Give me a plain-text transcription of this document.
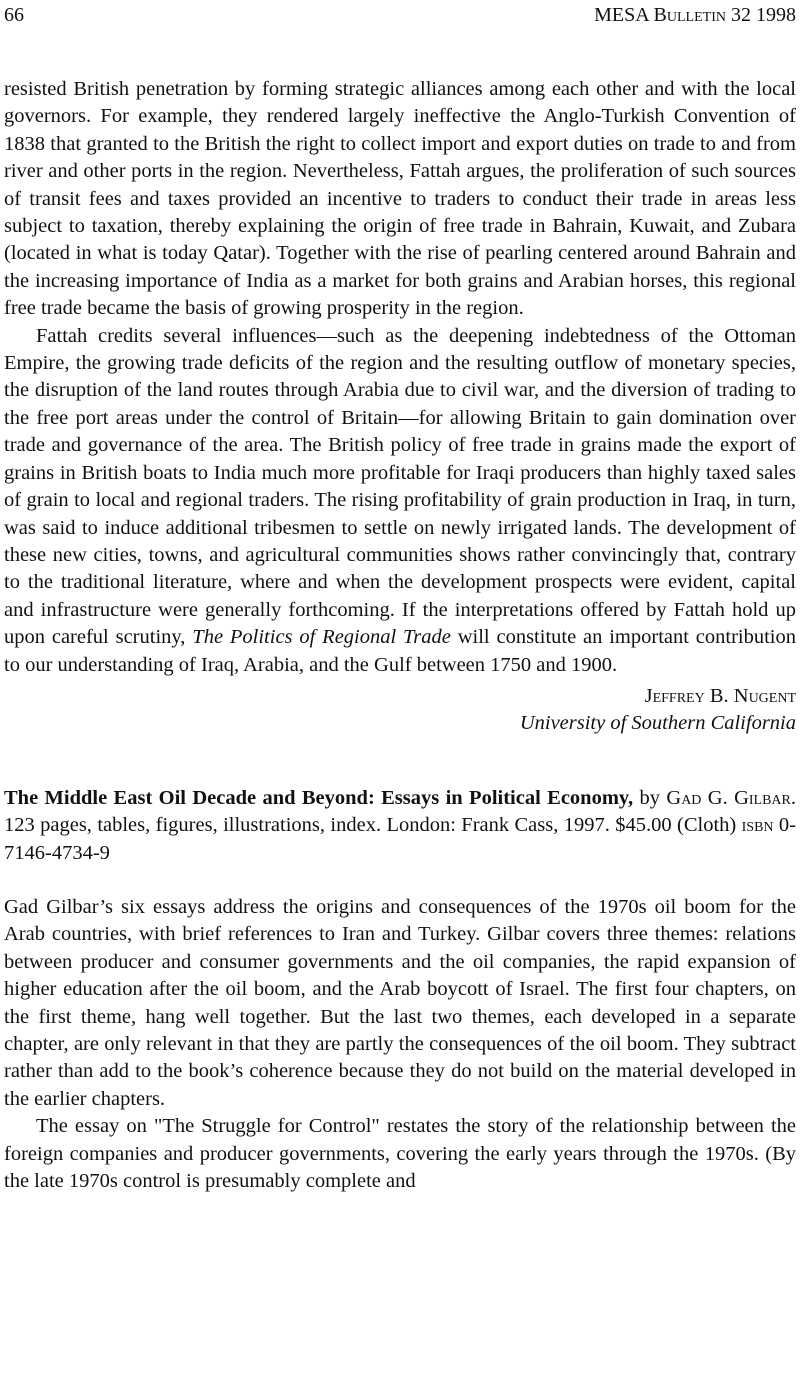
66	MESA Bulletin 32 1998

resisted British penetration by forming strategic alliances among each other and with the local governors. For example, they rendered largely ineffective the Anglo-Turkish Convention of 1838 that granted to the British the right to collect import and export duties on trade to and from river and other ports in the region. Nevertheless, Fattah argues, the proliferation of such sources of transit fees and taxes provided an incentive to traders to conduct their trade in areas less subject to taxation, thereby explaining the origin of free trade in Bahrain, Kuwait, and Zubara (located in what is today Qatar). Together with the rise of pearling centered around Bahrain and the increasing importance of India as a market for both grains and Arabian horses, this regional free trade became the basis of growing prosperity in the region.

Fattah credits several influences—such as the deepening indebtedness of the Ottoman Empire, the growing trade deficits of the region and the resulting outflow of monetary species, the disruption of the land routes through Arabia due to civil war, and the diversion of trading to the free port areas under the control of Britain—for allowing Britain to gain domination over trade and governance of the area. The British policy of free trade in grains made the export of grains in British boats to India much more profitable for Iraqi producers than highly taxed sales of grain to local and regional traders. The rising profitability of grain production in Iraq, in turn, was said to induce additional tribesmen to settle on newly irrigated lands. The development of these new cities, towns, and agricultural communities shows rather convincingly that, contrary to the traditional literature, where and when the development prospects were evident, capital and infrastructure were generally forthcoming. If the interpretations offered by Fattah hold up upon careful scrutiny, The Politics of Regional Trade will constitute an important contribution to our understanding of Iraq, Arabia, and the Gulf between 1750 and 1900.

Jeffrey B. Nugent
University of Southern California

The Middle East Oil Decade and Beyond: Essays in Political Economy, by Gad G. Gilbar. 123 pages, tables, figures, illustrations, index. London: Frank Cass, 1997. $45.00 (Cloth) isbn 0-7146-4734-9

Gad Gilbar’s six essays address the origins and consequences of the 1970s oil boom for the Arab countries, with brief references to Iran and Turkey. Gilbar covers three themes: relations between producer and consumer governments and the oil companies, the rapid expansion of higher education after the oil boom, and the Arab boycott of Israel. The first four chapters, on the first theme, hang well together. But the last two themes, each developed in a separate chapter, are only relevant in that they are partly the consequences of the oil boom. They subtract rather than add to the book’s coherence because they do not build on the material developed in the earlier chapters.

The essay on "The Struggle for Control" restates the story of the relationship between the foreign companies and producer governments, covering the early years through the 1970s. (By the late 1970s control is presumably complete and
